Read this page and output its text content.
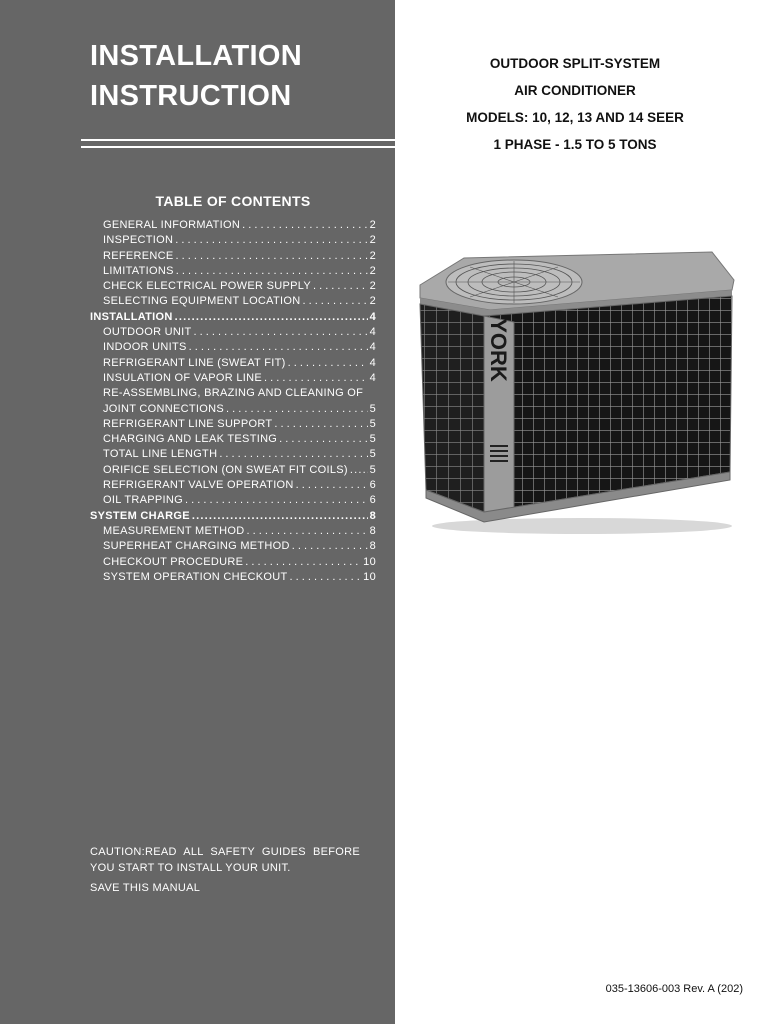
INSTALLATION
INSTRUCTION
TABLE OF CONTENTS
GENERAL INFORMATION . . .	2
INSPECTION . . .	2
REFERENCE . . .	2
LIMITATIONS . . .	2
CHECK ELECTRICAL POWER SUPPLY . . .	2
SELECTING EQUIPMENT LOCATION . . .	2
INSTALLATION .....	4
OUTDOOR UNIT . . .	4
INDOOR UNITS . . .	4
REFRIGERANT LINE (SWEAT FIT) . . .	4
INSULATION OF VAPOR LINE . . .	4
RE-ASSEMBLING, BRAZING AND CLEANING OF
JOINT CONNECTIONS . . .	5
REFRIGERANT LINE SUPPORT . . .	5
CHARGING AND LEAK TESTING . . .	5
TOTAL LINE LENGTH . . .	5
ORIFICE SELECTION (ON SWEAT FIT COILS) ..... 5
REFRIGERANT VALVE OPERATION . . .	6
OIL TRAPPING . . .	6
SYSTEM CHARGE .....	8
MEASUREMENT METHOD . . .	8
SUPERHEAT CHARGING METHOD . . .	8
CHECKOUT PROCEDURE . . .	10
SYSTEM OPERATION CHECKOUT . . .	10

CAUTION:READ ALL SAFETY GUIDES BEFORE YOU START TO INSTALL YOUR UNIT.

SAVE THIS MANUAL

OUTDOOR SPLIT-SYSTEM
AIR CONDITIONER
MODELS: 10, 12, 13 AND 14 SEER
1 PHASE - 1.5 TO 5 TONS
YORK
035-13606-003 Rev. A (202)
